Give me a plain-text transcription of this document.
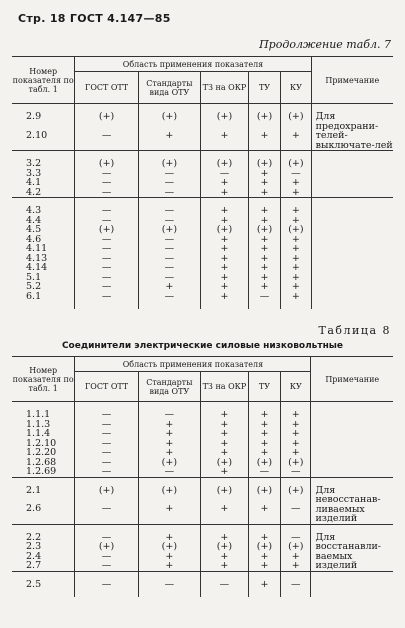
Стр. 18 ГОСТ 4.147—85
Продолжение табл. 7
Номер показателя по табл. 1	Область применения показателя					Примечание
	ГОСТ ОТТ	Стандарты вида ОТУ	ТЗ на ОКР	ТУ	КУ	

2.9	(+)	(+)	(+)	(+)	(+)	Для предохрани-телей-выключате-лей
2.10	—	+	+	+	+	

3.2	(+)	(+)	(+)	(+)	(+)	
3.3	—	—	—	+	—	
4.1	—	—	+	+	+	
4.2	—	—	+	+	+	

4.3	—	—	+	+	+	
4.4	—	—	+	+	+	
4.5	(+)	(+)	(+)	(+)	(+)	
4.6	—	—	+	+	+	
4.11	—	—	+	+	+	
4.13	—	—	+	+	+	
4.14	—	—	+	+	+	
5.1	—	—	+	+	+	
5.2	—	+	+	+	+	
6.1	—	—	+	—	+	

Таблица 8
Соединители электрические силовые низковольтные
Номер показателя по табл. 1	Область применения показателя					Примечание
	ГОСТ ОТТ	Стандарты вида ОТУ	ТЗ на ОКР	ТУ	КУ	

1.1.1	—	—	+	+	+	
1.1.3	—	+	+	+	+	
1.1.4	—	+	+	+	+	
1.2.10	—	+	+	+	+	
1.2.20	—	+	+	+	+	
1.2.68	—	(+)	(+)	(+)	(+)	
1.2.69	—	—	+	—	—	

2.1	(+)	(+)	(+)	(+)	(+)	Для невосстанав-ливаемых изделий
2.6	—	+	+	+	—	

2.2	—	+	+	+	—	Для восстанавли-ваемых изделий
2.3	(+)	(+)	(+)	(+)	(+)	
2.4	—	+	+	+	+	
2.7	—	+	+	+	+	

2.5	—	—	—	+	—	
